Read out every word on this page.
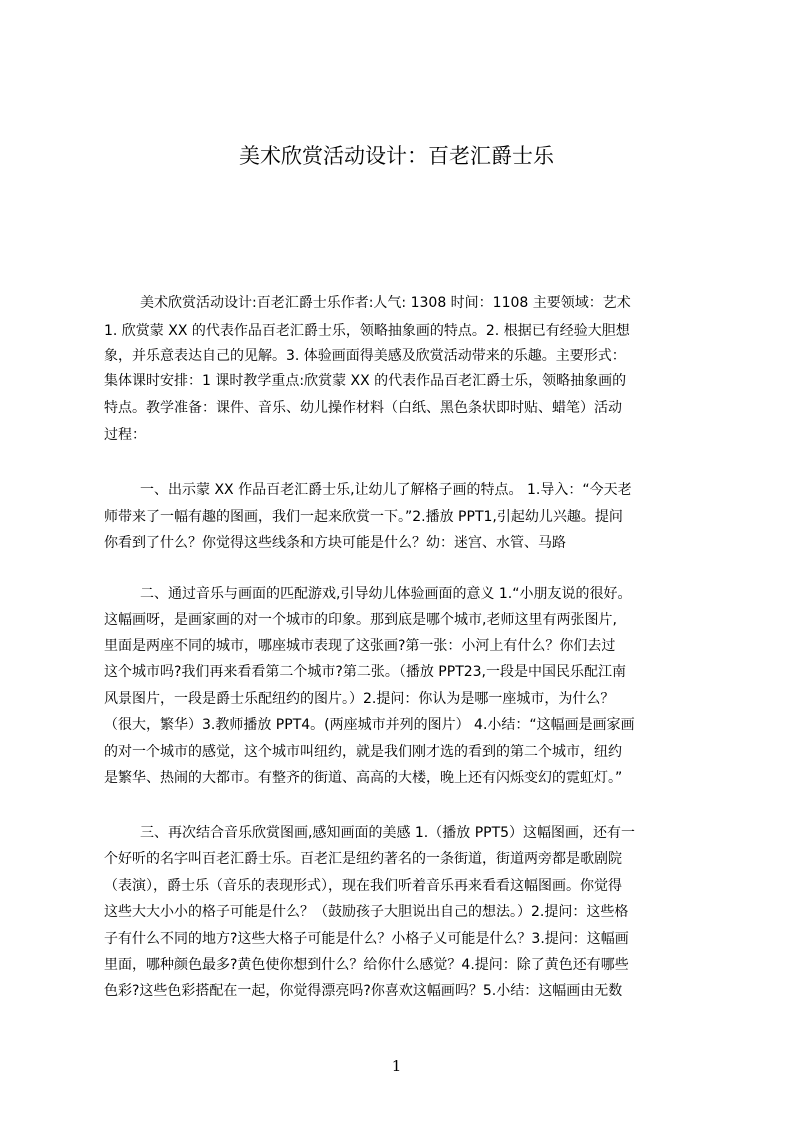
美术欣赏活动设计：百老汇爵士乐
美术欣赏活动设计:百老汇爵士乐作者:人气: 1308 时间：1108 主要领域：艺术
1. 欣赏蒙 XX 的代表作品百老汇爵士乐，领略抽象画的特点。2. 根据已有经验大胆想
象，并乐意表达自己的见解。3. 体验画面得美感及欣赏活动带来的乐趣。主要形式：
集体课时安排：1 课时教学重点:欣赏蒙 XX 的代表作品百老汇爵士乐，领略抽象画的
特点。教学准备：课件、音乐、幼儿操作材料（白纸、黑色条状即时贴、蜡笔）活动
过程：
一、出示蒙 XX 作品百老汇爵士乐,让幼儿了解格子画的特点。 1.导入：“今天老
师带来了一幅有趣的图画，我们一起来欣赏一下。”2.播放 PPT1,引起幼儿兴趣。提问
你看到了什么？你觉得这些线条和方块可能是什么？幼：迷宫、水管、马路
二、通过音乐与画面的匹配游戏,引导幼儿体验画面的意义 1.“小朋友说的很好。
这幅画呀，是画家画的对一个城市的印象。那到底是哪个城市,老师这里有两张图片,
里面是两座不同的城市，哪座城市表现了这张画?第一张：小河上有什么？你们去过
这个城市吗?我们再来看看第二个城市?第二张。（播放 PPT23,一段是中国民乐配江南
风景图片，一段是爵士乐配纽约的图片。）2.提问：你认为是哪一座城市，为什么？
（很大，繁华）3.教师播放 PPT4。(两座城市并列的图片） 4.小结：“这幅画是画家画
的对一个城市的感觉，这个城市叫纽约，就是我们刚才选的看到的第二个城市，纽约
是繁华、热闹的大都市。有整齐的街道、高高的大楼，晚上还有闪烁变幻的霓虹灯。”
三、再次结合音乐欣赏图画,感知画面的美感 1.（播放 PPT5）这幅图画，还有一
个好听的名字叫百老汇爵士乐。百老汇是纽约著名的一条街道，街道两旁都是歌剧院
（表演），爵士乐（音乐的表现形式），现在我们听着音乐再来看看这幅图画。你觉得
这些大大小小的格子可能是什么？（鼓励孩子大胆说出自己的想法。）2.提问：这些格
子有什么不同的地方?这些大格子可能是什么？小格子乂可能是什么？3.提问：这幅画
里面，哪种颜色最多?黄色使你想到什么？给你什么感觉？4.提问：除了黄色还有哪些
色彩?这些色彩搭配在一起，你觉得漂亮吗?你喜欢这幅画吗？5.小结：这幅画由无数
1
